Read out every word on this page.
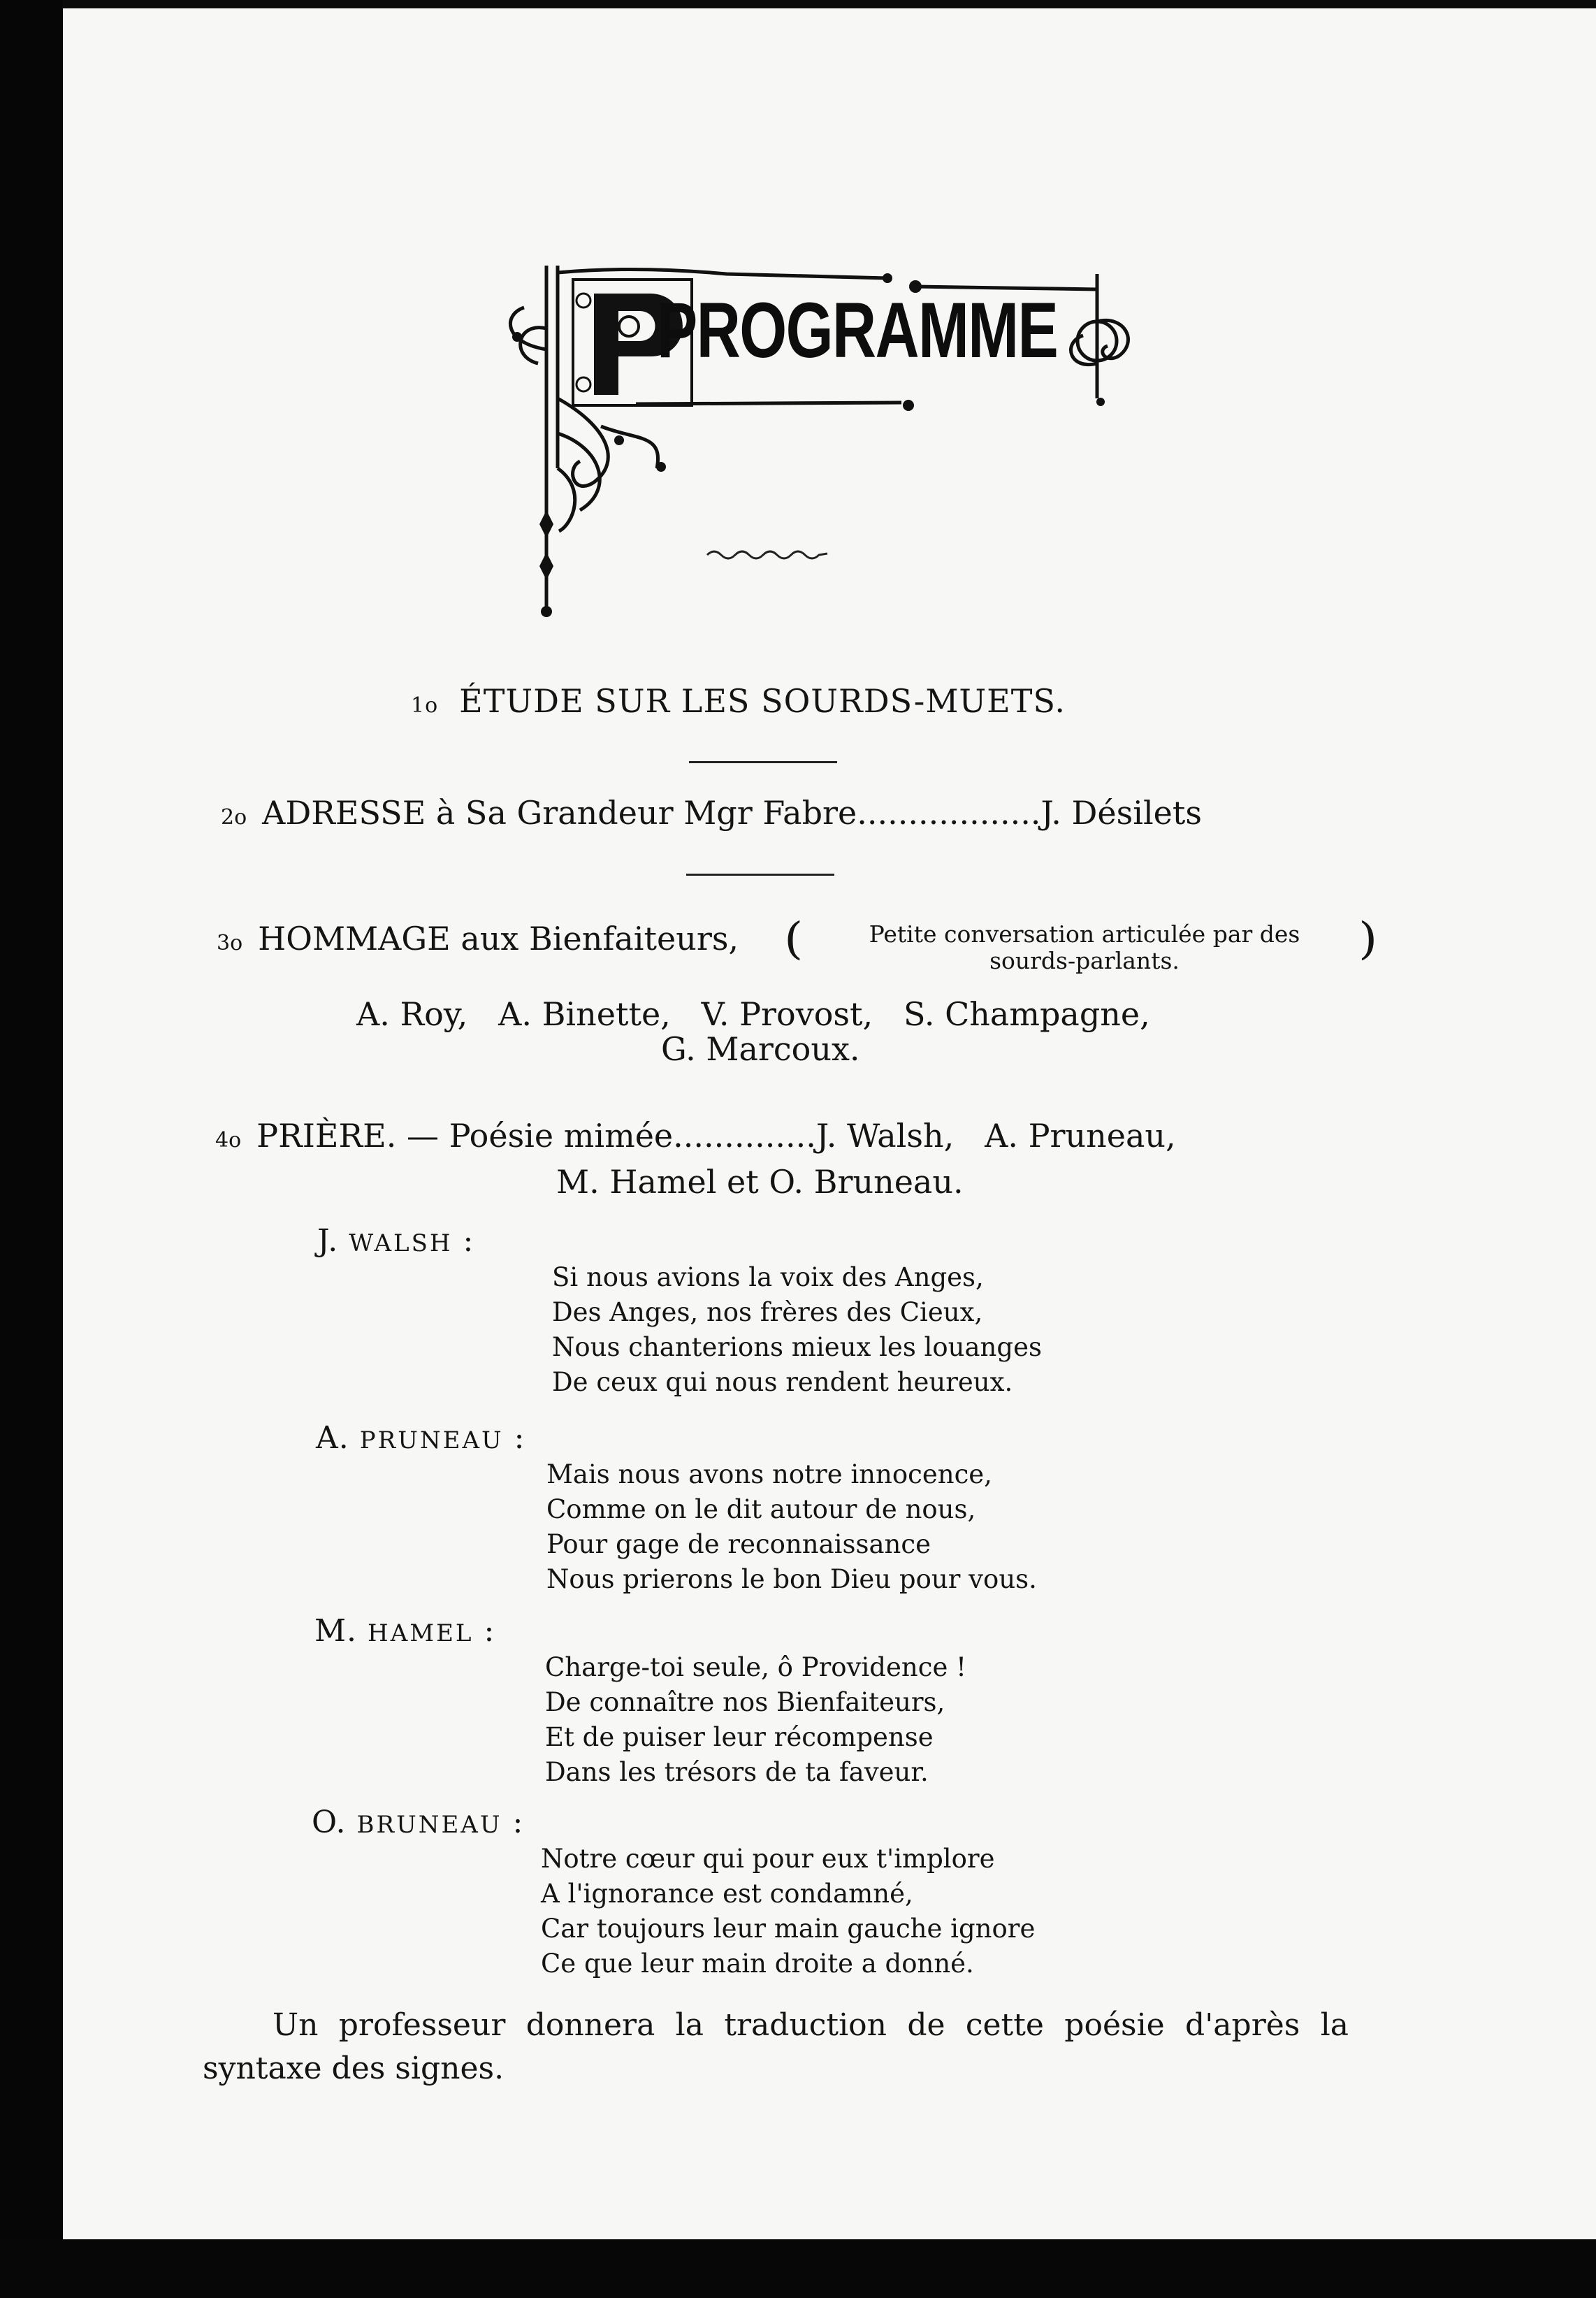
PROGRAMME
1o ÉTUDE SUR LES SOURDS-MUETS.
2o ADRESSE à Sa Grandeur Mgr Fabre..................J. Désilets
3o HOMMAGE aux Bienfaiteurs, (	Petite conversation articulée par des
sourds-parlants.	)
A. Roy,   A. Binette,   V. Provost,   S. Champagne,
G. Marcoux.
4o PRIÈRE. — Poésie mimée..............J. Walsh,   A. Pruneau,
M. Hamel et O. Bruneau.
J. WALSH :
Si nous avions la voix des Anges,
Des Anges, nos frères des Cieux,
Nous chanterions mieux les louanges
De ceux qui nous rendent heureux.
A. PRUNEAU :
Mais nous avons notre innocence,
Comme on le dit autour de nous,
Pour gage de reconnaissance
Nous prierons le bon Dieu pour vous.
M. HAMEL :
Charge-toi seule, ô Providence !
De connaître nos Bienfaiteurs,
Et de puiser leur récompense
Dans les trésors de ta faveur.
O. BRUNEAU :
Notre cœur qui pour eux t'implore
A l'ignorance est condamné,
Car toujours leur main gauche ignore
Ce que leur main droite a donné.
Un professeur donnera la traduction de cette poésie d'après la
syntaxe des signes.
